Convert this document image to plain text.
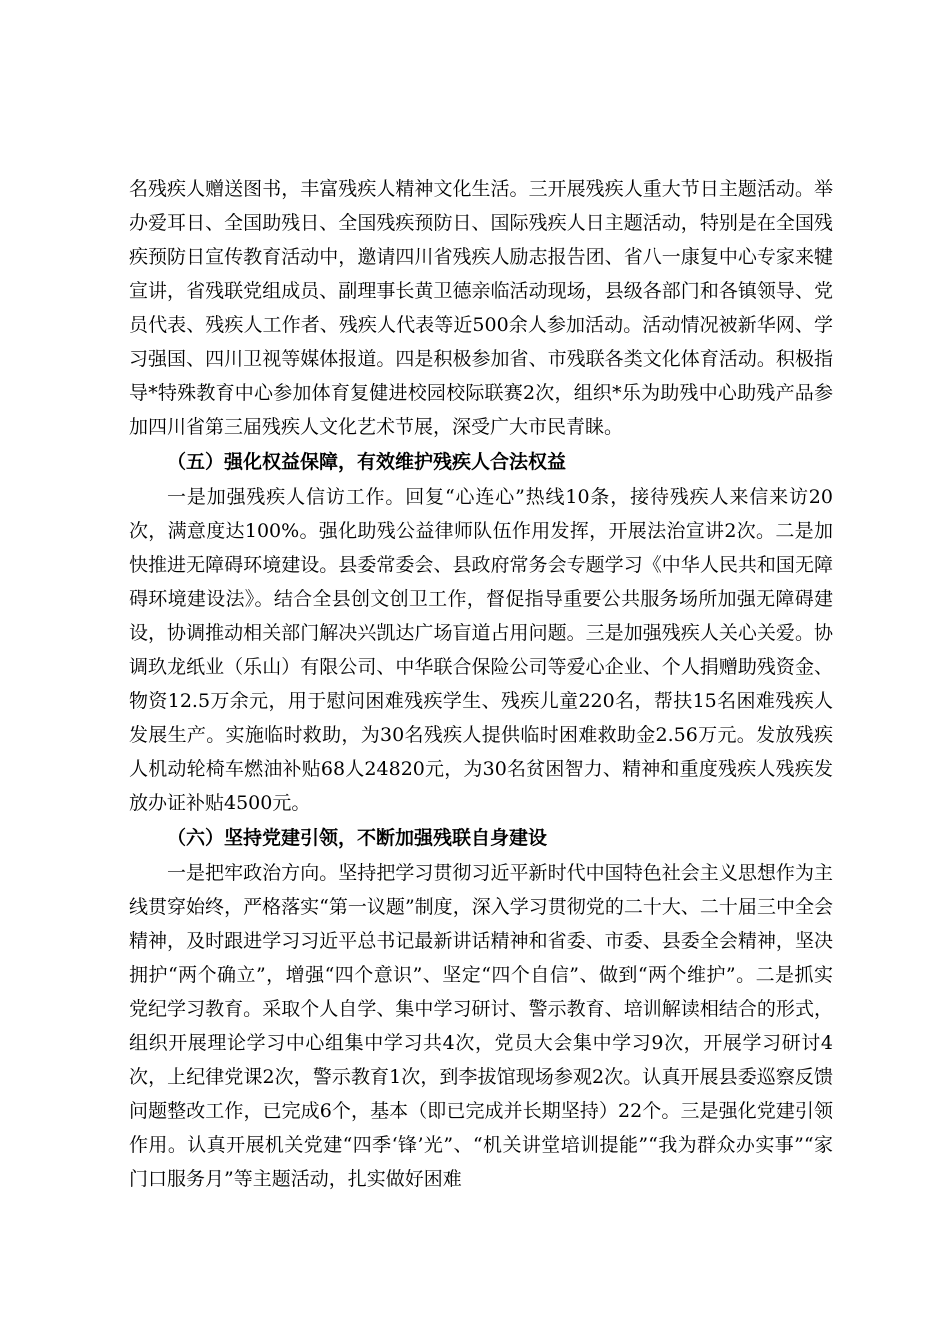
名残疾人赠送图书，丰富残疾人精神文化生活。三开展残疾人重大节日主题活动。举办爱耳日、全国助残日、全国残疾预防日、国际残疾人日主题活动，特别是在全国残疾预防日宣传教育活动中，邀请四川省残疾人励志报告团、省八一康复中心专家来犍宣讲，省残联党组成员、副理事长黄卫德亲临活动现场，县级各部门和各镇领导、党员代表、残疾人工作者、残疾人代表等近500余人参加活动。活动情况被新华网、学习强国、四川卫视等媒体报道。四是积极参加省、市残联各类文化体育活动。积极指导*特殊教育中心参加体育复健进校园校际联赛2次，组织*乐为助残中心助残产品参加四川省第三届残疾人文化艺术节展，深受广大市民青睐。

（五）强化权益保障，有效维护残疾人合法权益

一是加强残疾人信访工作。回复“心连心”热线10条，接待残疾人来信来访20次，满意度达100%。强化助残公益律师队伍作用发挥，开展法治宣讲2次。二是加快推进无障碍环境建设。县委常委会、县政府常务会专题学习《中华人民共和国无障碍环境建设法》。结合全县创文创卫工作，督促指导重要公共服务场所加强无障碍建设，协调推动相关部门解决兴凯达广场盲道占用问题。三是加强残疾人关心关爱。协调玖龙纸业（乐山）有限公司、中华联合保险公司等爱心企业、个人捐赠助残资金、物资12.5万余元，用于慰问困难残疾学生、残疾儿童220名，帮扶15名困难残疾人发展生产。实施临时救助，为30名残疾人提供临时困难救助金2.56万元。发放残疾人机动轮椅车燃油补贴68人24820元，为30名贫困智力、精神和重度残疾人残疾发放办证补贴4500元。

（六）坚持党建引领，不断加强残联自身建设

一是把牢政治方向。坚持把学习贯彻习近平新时代中国特色社会主义思想作为主线贯穿始终，严格落实“第一议题”制度，深入学习贯彻党的二十大、二十届三中全会精神，及时跟进学习习近平总书记最新讲话精神和省委、市委、县委全会精神，坚决拥护“两个确立”，增强“四个意识”、坚定“四个自信”、做到“两个维护”。二是抓实党纪学习教育。采取个人自学、集中学习研讨、警示教育、培训解读相结合的形式，组织开展理论学习中心组集中学习共4次，党员大会集中学习9次，开展学习研讨4次，上纪律党课2次，警示教育1次，到李拔馆现场参观2次。认真开展县委巡察反馈问题整改工作，已完成6个，基本（即已完成并长期坚持）22个。三是强化党建引领作用。认真开展机关党建“四季‘锋’光”、“机关讲堂培训提能”“我为群众办实事”“家门口服务月”等主题活动，扎实做好困难
